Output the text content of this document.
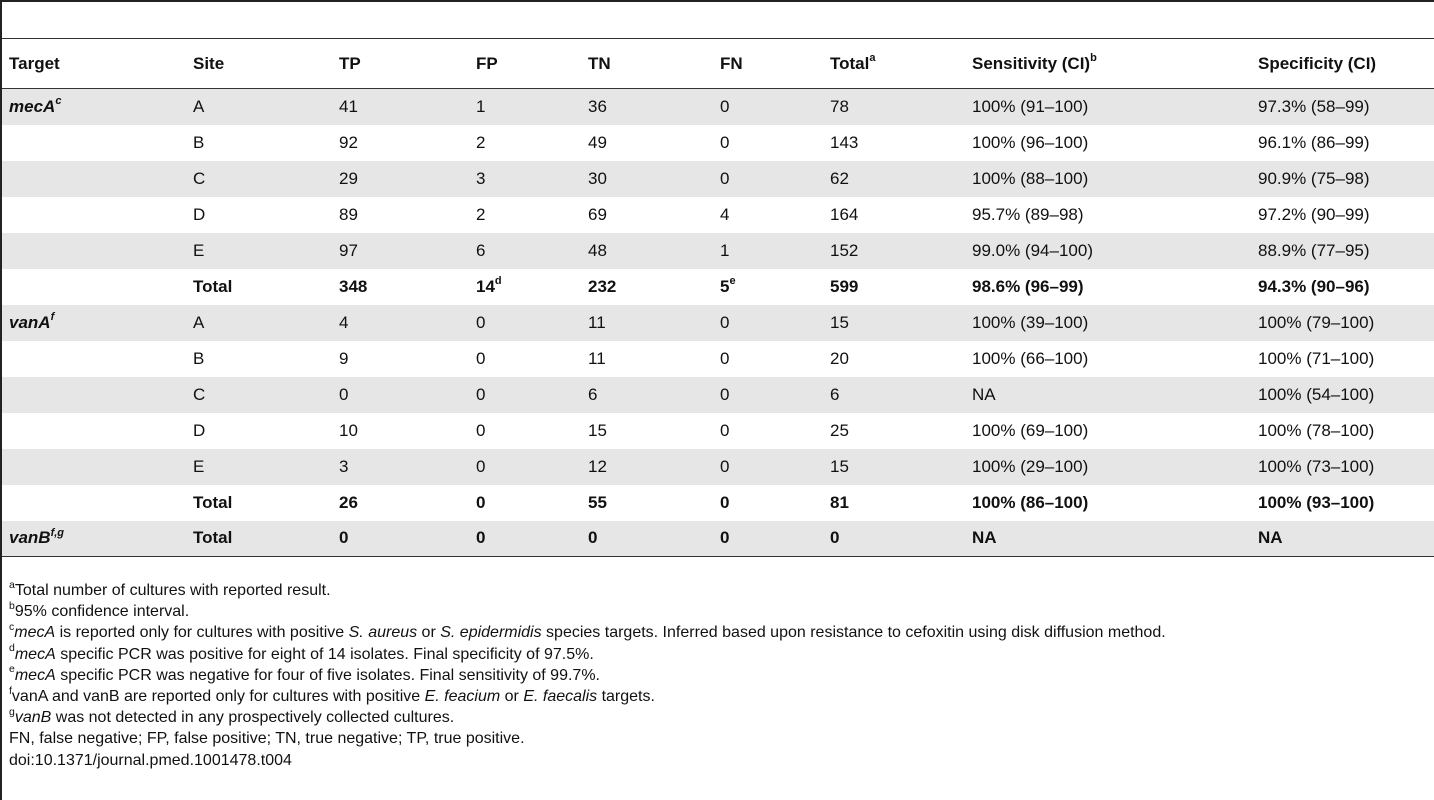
Target	Site	TP	FP	TN	FN	Total$^a$	Sensitivity (CI)$^b$	Specificity (CI)
mecA$^c$	A	41	1	36	0	78	100% (91–100)	97.3% (58–99)
	B	92	2	49	0	143	100% (96–100)	96.1% (86–99)
	C	29	3	30	0	62	100% (88–100)	90.9% (75–98)
	D	89	2	69	4	164	95.7% (89–98)	97.2% (90–99)
	E	97	6	48	1	152	99.0% (94–100)	88.9% (77–95)
	Total	348	14$^d$	232	5e	599	98.6% (96–99)	94.3% (90–96)
vanA$^f$	A	4	0	11	0	15	100% (39–100)	100% (79–100)
	B	9	0	11	0	20	100% (66–100)	100% (71–100)
	C	0	0	6	0	6	NA	100% (54–100)
	D	10	0	15	0	25	100% (69–100)	100% (78–100)
	E	3	0	12	0	15	100% (29–100)	100% (73–100)
	Total	26	0	55	0	81	100% (86–100)	100% (93–100)
vanB$^{f,g}$	Total	0	0	0	0	0	NA	NA
$^a$Total number of cultures with reported result.
$^b$95% confidence interval.
$^c$mecA is reported only for cultures with positive S. aureus or S. epidermidis species targets. Inferred based upon resistance to cefoxitin using disk diffusion method.
$^d$mecA specific PCR was positive for eight of 14 isolates. Final specificity of 97.5%.
$^e$mecA specific PCR was negative for four of five isolates. Final sensitivity of 99.7%.
$^f$vanA and vanB are reported only for cultures with positive E. feacium or E. faecalis targets.
$^g$vanB was not detected in any prospectively collected cultures.
FN, false negative; FP, false positive; TN, true negative; TP, true positive.
doi:10.1371/journal.pmed.1001478.t004
